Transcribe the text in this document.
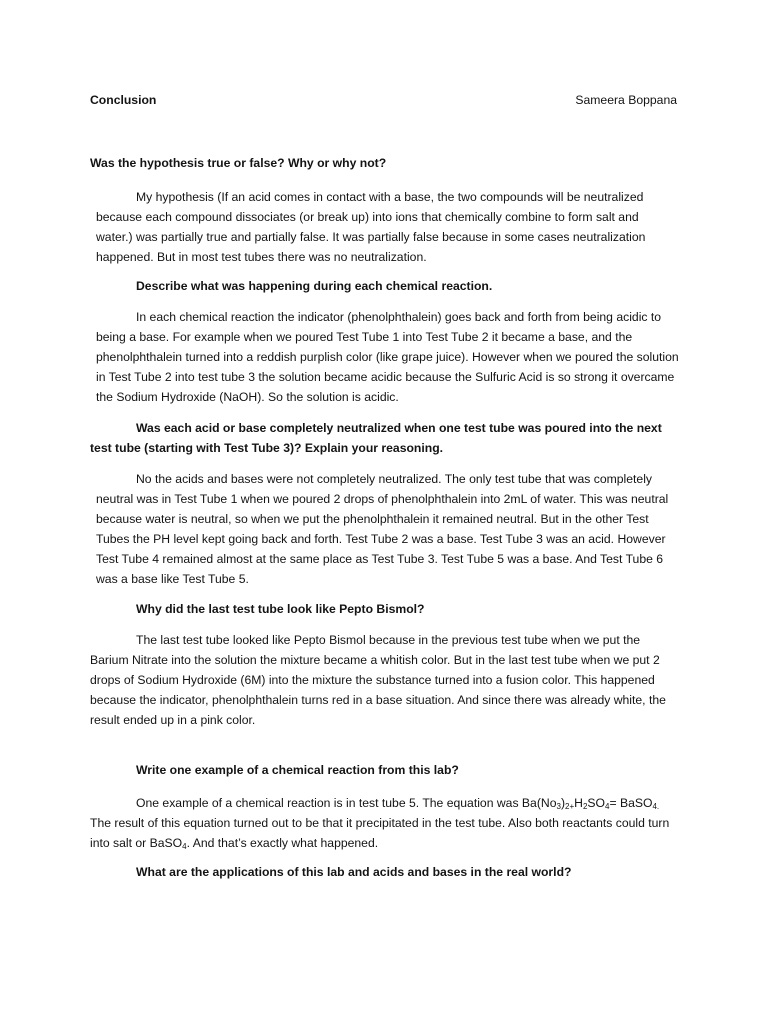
Conclusion	Sameera Boppana

Was the hypothesis true or false? Why or why not?

My hypothesis (If an acid comes in contact with a base, the two compounds will be neutralized because each compound dissociates (or break up) into ions that chemically combine to form salt and water.) was partially true and partially false. It was partially false because in some cases neutralization happened. But in most test tubes there was no neutralization.

Describe what was happening during each chemical reaction.

In each chemical reaction the indicator (phenolphthalein) goes back and forth from being acidic to being a base. For example when we poured Test Tube 1 into Test Tube 2 it became a base, and the phenolphthalein turned into a reddish purplish color (like grape juice). However when we poured the solution in Test Tube 2 into test tube 3 the solution became acidic because the Sulfuric Acid is so strong it overcame the Sodium Hydroxide (NaOH). So the solution is acidic.

Was each acid or base completely neutralized when one test tube was poured into the next test tube (starting with Test Tube 3)? Explain your reasoning.

No the acids and bases were not completely neutralized. The only test tube that was completely neutral was in Test Tube 1 when we poured 2 drops of phenolphthalein into 2mL of water. This was neutral because water is neutral, so when we put the phenolphthalein it remained neutral. But in the other Test Tubes the PH level kept going back and forth. Test Tube 2 was a base. Test Tube 3 was an acid. However Test Tube 4 remained almost at the same place as Test Tube 3. Test Tube 5 was a base. And Test Tube 6 was a base like Test Tube 5.

Why did the last test tube look like Pepto Bismol?

The last test tube looked like Pepto Bismol because in the previous test tube when we put the Barium Nitrate into the solution the mixture became a whitish color. But in the last test tube when we put 2 drops of Sodium Hydroxide (6M) into the mixture the substance turned into a fusion color. This happened because the indicator, phenolphthalein turns red in a base situation. And since there was already white, the result ended up in a pink color.

Write one example of a chemical reaction from this lab?

One example of a chemical reaction is in test tube 5. The equation was $Ba(No_3)_{2+}H_2SO_4=$ BaSO$_{4.}$ The result of this equation turned out to be that it precipitated in the test tube. Also both reactants could turn into salt or BaSO$_4$. And that’s exactly what happened.

What are the applications of this lab and acids and bases in the real world?
